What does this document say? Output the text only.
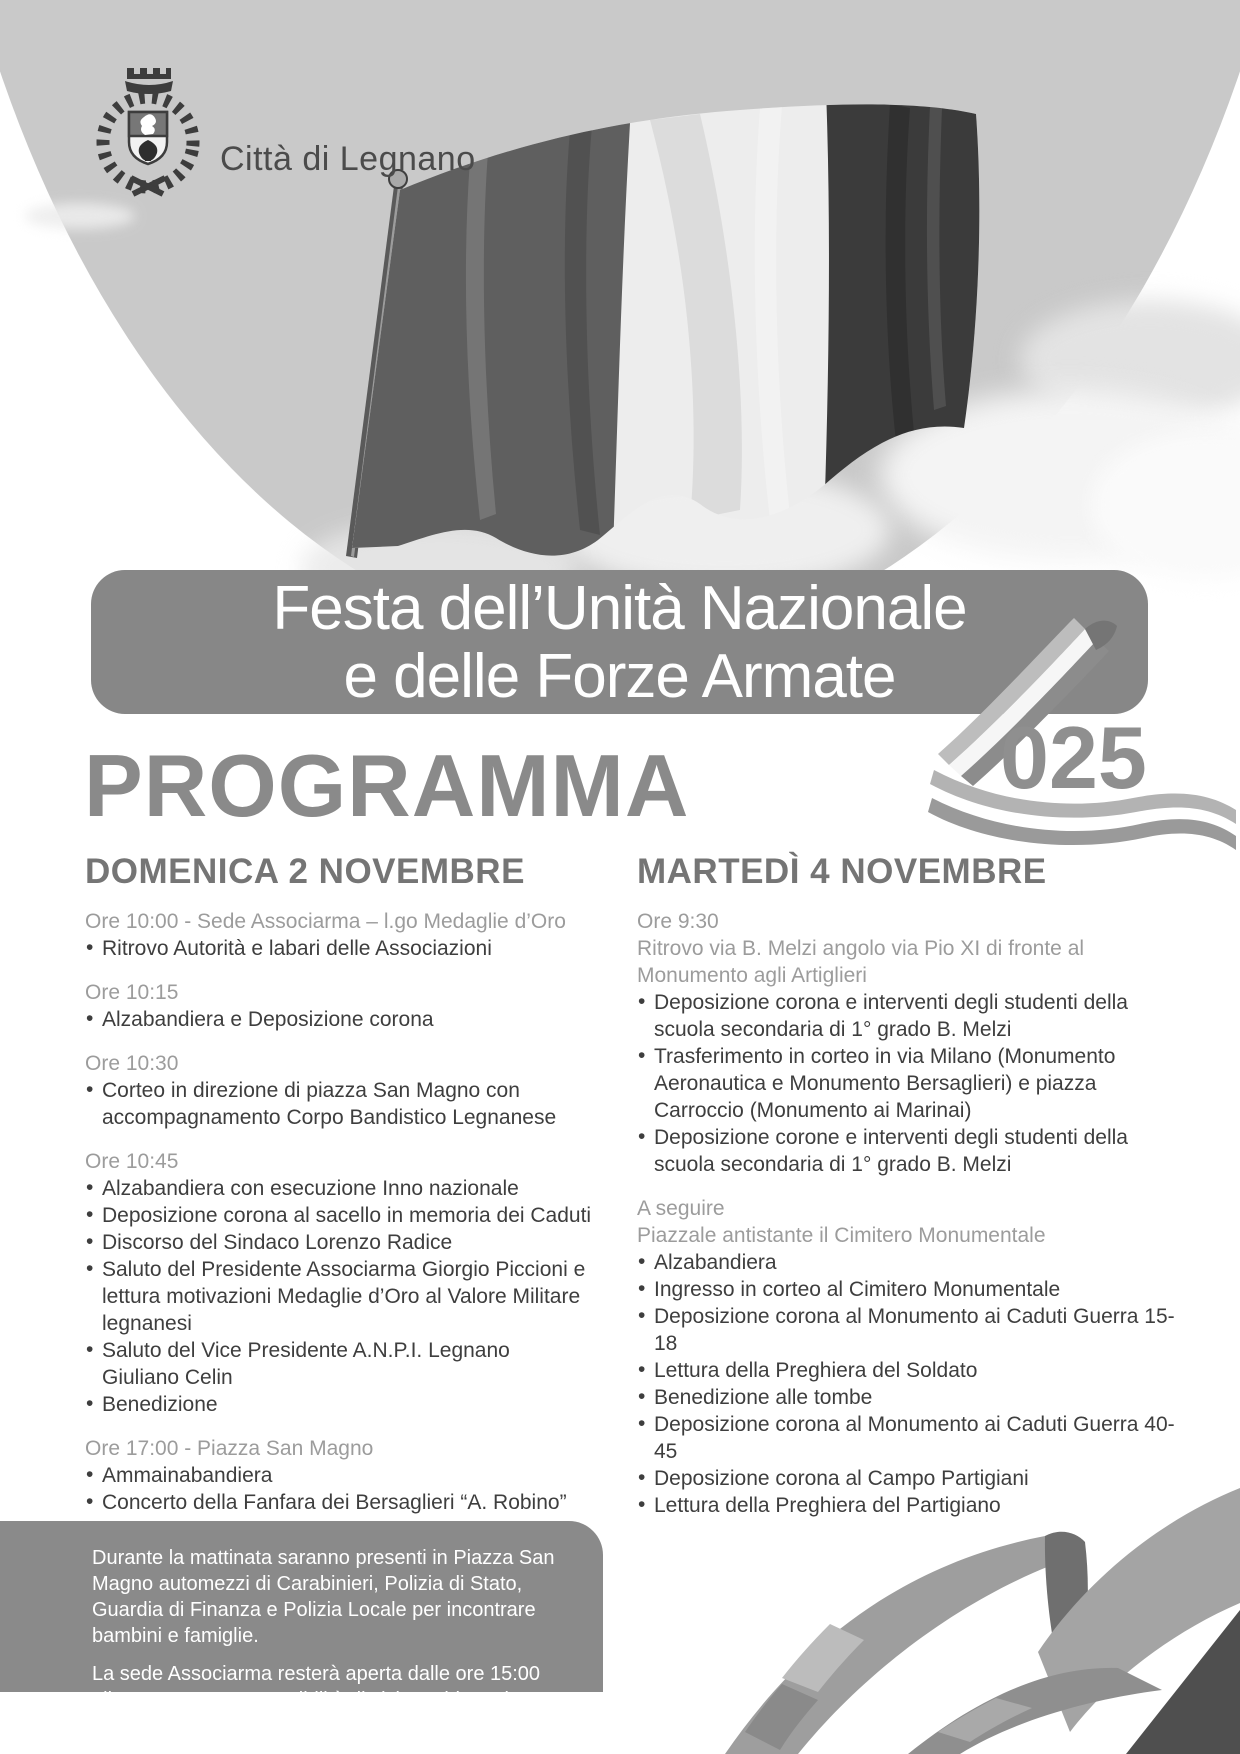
Città di Legnano
Festa dell’Unità Nazionale
e delle Forze Armate
025
PROGRAMMA
DOMENICA 2 NOVEMBRE
Ore 10:00 - Sede Associarma – l.go Medaglie d’Oro
• Ritrovo Autorità e labari delle Associazioni
Ore 10:15
• Alzabandiera e Deposizione corona
Ore 10:30
• Corteo in direzione di piazza San Magno con accompagnamento Corpo Bandistico Legnanese
Ore 10:45
• Alzabandiera con esecuzione Inno nazionale
• Deposizione corona al sacello in memoria dei Caduti
• Discorso del Sindaco Lorenzo Radice
• Saluto del Presidente Associarma Giorgio Piccioni e lettura motivazioni Medaglie d’Oro al Valore Militare legnanesi
• Saluto del Vice Presidente A.N.P.I. Legnano Giuliano Celin
• Benedizione
Ore 17:00 - Piazza San Magno
• Ammainabandiera
• Concerto della Fanfara dei Bersaglieri “A. Robino”
MARTEDÌ 4 NOVEMBRE
Ore 9:30
Ritrovo via B. Melzi angolo via Pio XI di fronte al Monumento agli Artiglieri
• Deposizione corona e interventi degli studenti della scuola secondaria di 1° grado B. Melzi
• Trasferimento in corteo in via Milano (Monumento Aeronautica e Monumento Bersaglieri) e piazza Carroccio (Monumento ai Marinai)
• Deposizione corone e interventi degli studenti della scuola secondaria di 1° grado B. Melzi
A seguire
Piazzale antistante il Cimitero Monumentale
• Alzabandiera
• Ingresso in corteo al Cimitero Monumentale
• Deposizione corona al Monumento ai Caduti Guerra 15-18
• Lettura della Preghiera del Soldato
• Benedizione alle tombe
• Deposizione corona al Monumento ai Caduti Guerra 40-45
• Deposizione corona al Campo Partigiani
• Lettura della Preghiera del Partigiano

Durante la mattinata saranno presenti in Piazza San Magno automezzi di Carabinieri, Polizia di Stato, Guardia di Finanza e Polizia Locale per incontrare bambini e famiglie.

La sede Associarma resterà aperta dalle ore 15:00 alle ore 18:00 con possibilità di visite guidate ai documenti e reperti conservati nelle sale.
